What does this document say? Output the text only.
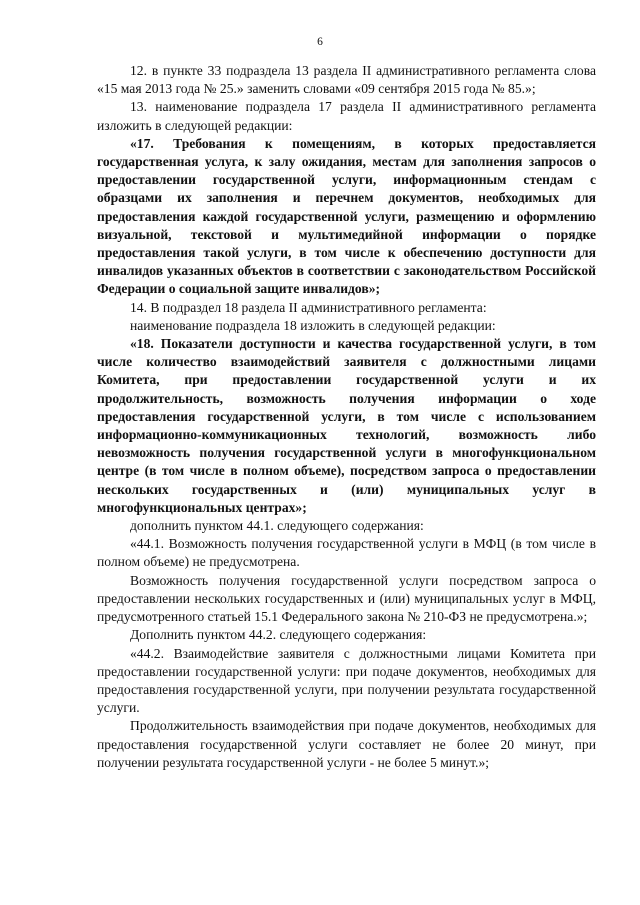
6

12. в пункте 33 подраздела 13 раздела II административного регламента слова «15 мая 2013 года № 25.» заменить словами «09 сентября 2015 года № 85.»;

13. наименование подраздела 17 раздела II административного регламента изложить в следующей редакции:

«17. Требования к помещениям, в которых предоставляется государственная услуга, к залу ожидания, местам для заполнения запросов о предоставлении государственной услуги, информационным стендам с образцами их заполнения и перечнем документов, необходимых для предоставления каждой государственной услуги, размещению и оформлению визуальной, текстовой и мультимедийной информации о порядке предоставления такой услуги, в том числе к обеспечению доступности для инвалидов указанных объектов в соответствии с законодательством Российской Федерации о социальной защите инвалидов»;

14. В подраздел 18 раздела II административного регламента:

наименование подраздела 18 изложить в следующей редакции:

«18. Показатели доступности и качества государственной услуги, в том числе количество взаимодействий заявителя с должностными лицами Комитета, при предоставлении государственной услуги и их продолжительность, возможность получения информации о ходе предоставления государственной услуги, в том числе с использованием информационно-коммуникационных технологий, возможность либо невозможность получения государственной услуги в многофункциональном центре (в том числе в полном объеме), посредством запроса о предоставлении нескольких государственных и (или) муниципальных услуг в многофункциональных центрах»;

дополнить пунктом 44.1. следующего содержания:

«44.1. Возможность получения государственной услуги в МФЦ (в том числе в полном объеме) не предусмотрена.

Возможность получения государственной услуги посредством запроса о предоставлении нескольких государственных и (или) муниципальных услуг в МФЦ, предусмотренного статьей 15.1 Федерального закона № 210-ФЗ не предусмотрена.»;

Дополнить пунктом 44.2. следующего содержания:

«44.2. Взаимодействие заявителя с должностными лицами Комитета при предоставлении государственной услуги: при подаче документов, необходимых для предоставления государственной услуги, при получении результата государственной услуги.

Продолжительность взаимодействия при подаче документов, необходимых для предоставления государственной услуги составляет не более 20 минут, при получении результата государственной услуги - не более 5 минут.»;
